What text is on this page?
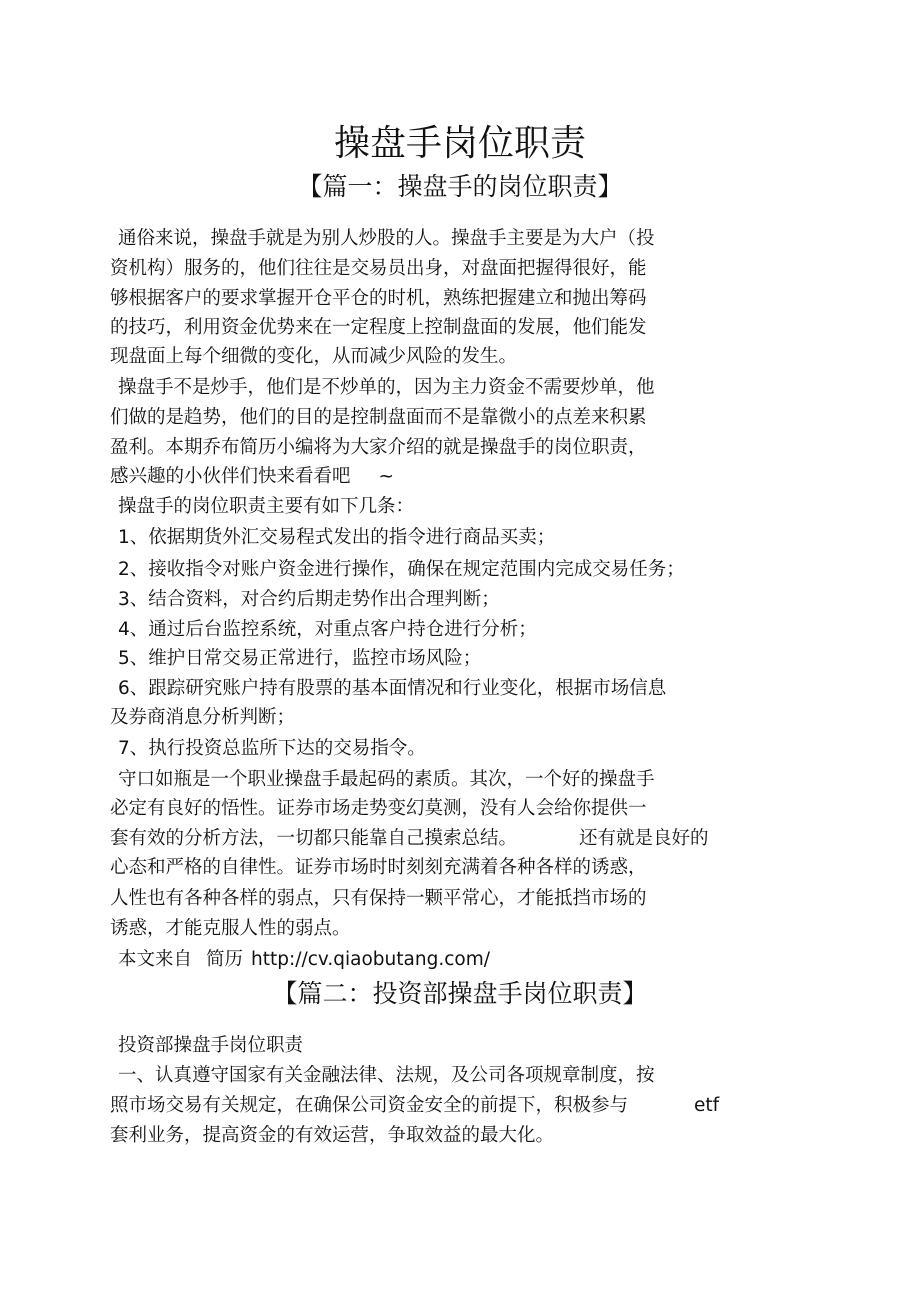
操盘手岗位职责
【篇一：操盘手的岗位职责】

通俗来说，操盘手就是为别人炒股的人。操盘手主要是为大户（投

资机构）服务的，他们往往是交易员出身，对盘面把握得很好，能

够根据客户的要求掌握开仓平仓的时机，熟练把握建立和抛出筹码

的技巧，利用资金优势来在一定程度上控制盘面的发展，他们能发

现盘面上每个细微的变化，从而减少风险的发生。

操盘手不是炒手，他们是不炒单的，因为主力资金不需要炒单，他

们做的是趋势，他们的目的是控制盘面而不是靠微小的点差来积累

盈利。本期乔布简历小编将为大家介绍的就是操盘手的岗位职责，

感兴趣的小伙伴们快来看看吧 ~

操盘手的岗位职责主要有如下几条：

1、依据期货外汇交易程式发出的指令进行商品买卖；

2、接收指令对账户资金进行操作，确保在规定范围内完成交易任务；

3、结合资料，对合约后期走势作出合理判断；

4、通过后台监控系统，对重点客户持仓进行分析；

5、维护日常交易正常进行，监控市场风险；

6、跟踪研究账户持有股票的基本面情况和行业变化，根据市场信息

及券商消息分析判断；

7、执行投资总监所下达的交易指令。

守口如瓶是一个职业操盘手最起码的素质。其次，一个好的操盘手

必定有良好的悟性。证券市场走势变幻莫测，没有人会给你提供一

套有效的分析方法，一切都只能靠自己摸索总结。	还有就是良好的

心态和严格的自律性。证券市场时时刻刻充满着各种各样的诱惑，

人性也有各种各样的弱点，只有保持一颗平常心，才能抵挡市场的

诱惑，才能克服人性的弱点。

本文来自 简历 http://cv.qiaobutang.com/

【篇二：投资部操盘手岗位职责】

投资部操盘手岗位职责

一、认真遵守国家有关金融法律、法规，及公司各项规章制度，按

照市场交易有关规定，在确保公司资金安全的前提下，积极参与	etf

套利业务，提高资金的有效运营，争取效益的最大化。
